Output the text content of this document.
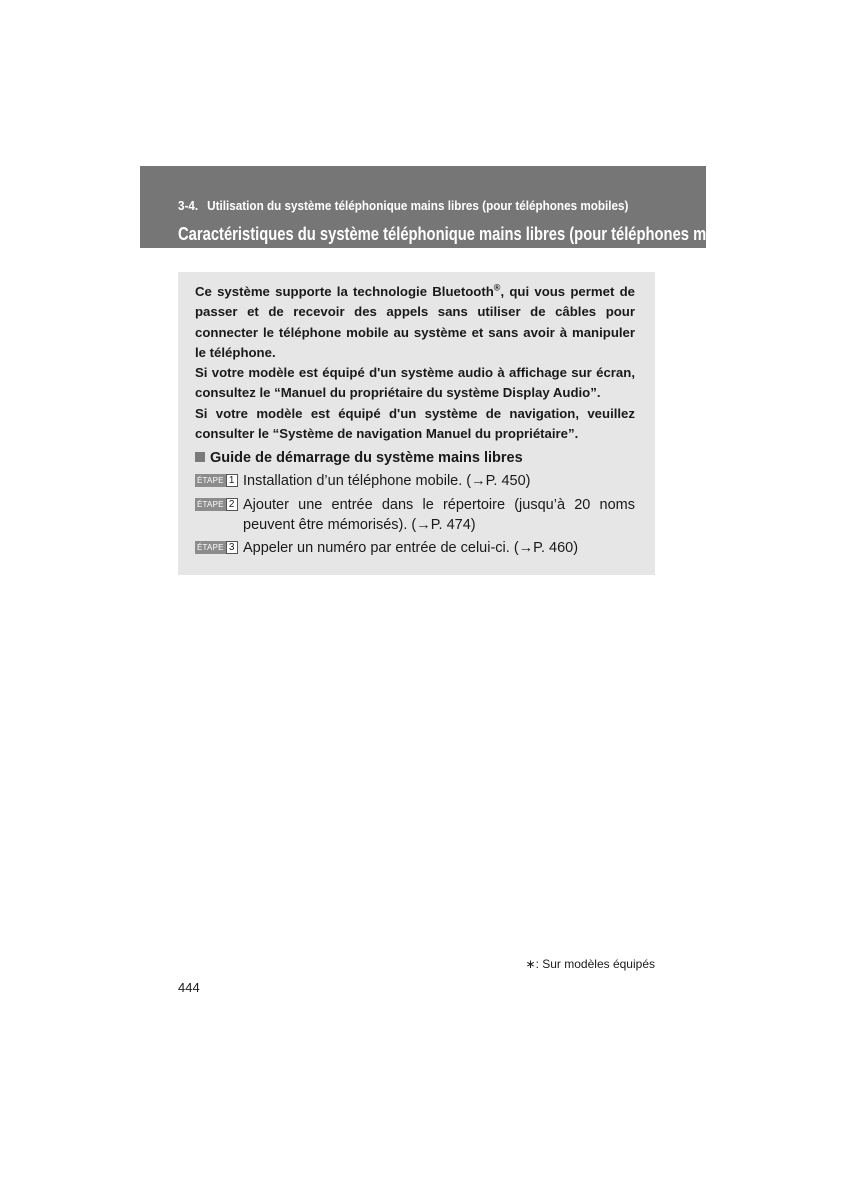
3-4. Utilisation du système téléphonique mains libres (pour téléphones mobiles)
Caractéristiques du système téléphonique mains libres (pour téléphones mobiles) ∗

Ce système supporte la technologie Bluetooth®, qui vous permet de passer et de recevoir des appels sans utiliser de câbles pour connecter le téléphone mobile au système et sans avoir à manipuler le téléphone.

Si votre modèle est équipé d'un système audio à affichage sur écran, consultez le “Manuel du propriétaire du système Display Audio”.

Si votre modèle est équipé d'un système de navigation, veuillez consulter le “Système de navigation Manuel du propriétaire”.

Guide de démarrage du système mains libres
ÉTAPE 1 Installation d’un téléphone mobile. (→P. 450)
ÉTAPE 2 Ajouter une entrée dans le répertoire (jusqu’à 20 noms peuvent être mémorisés). (→P. 474)
ÉTAPE 3 Appeler un numéro par entrée de celui-ci. (→P. 460)
∗: Sur modèles équipés
444
